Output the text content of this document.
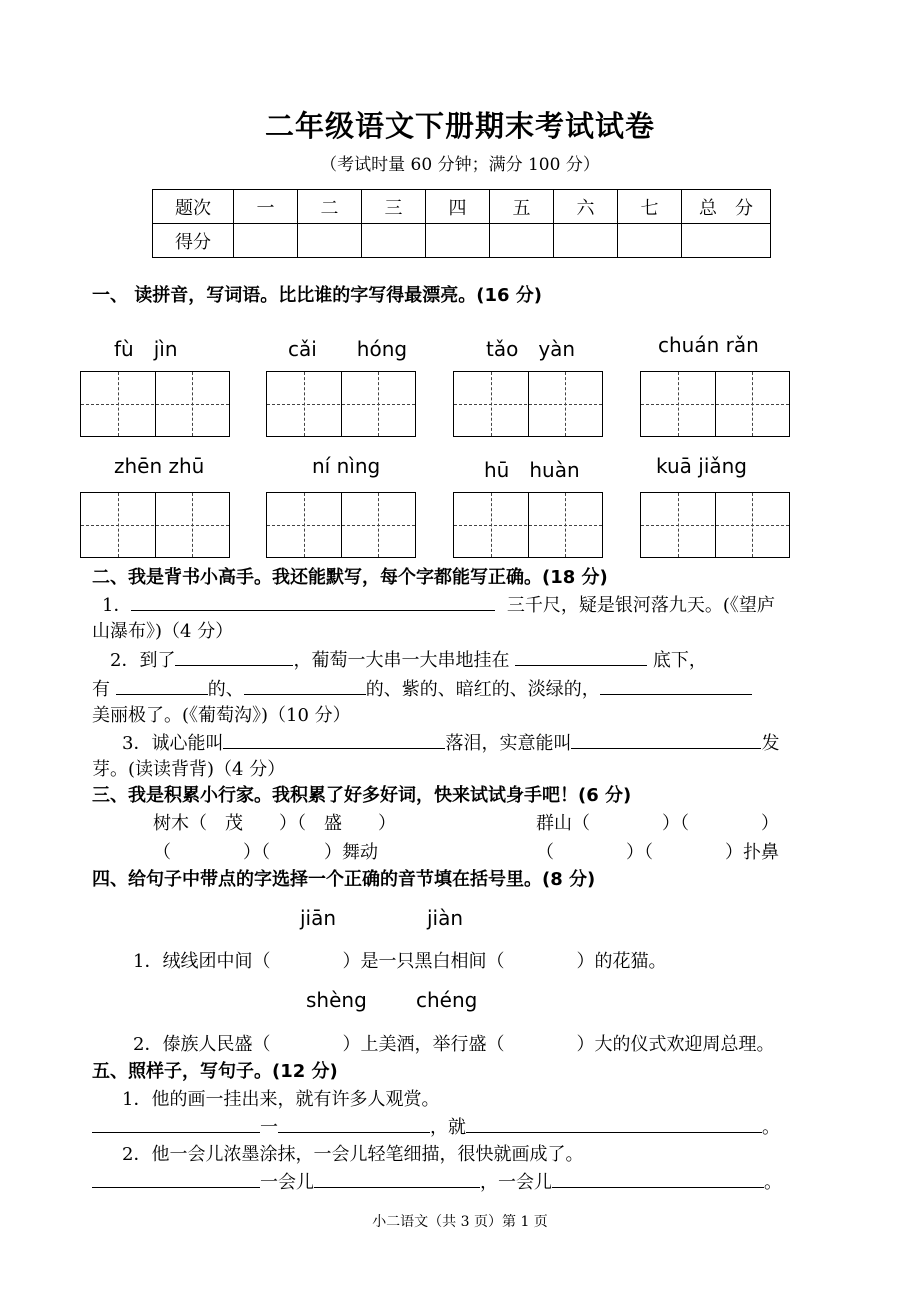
二年级语文下册期末考试试卷
（考试时量 60 分钟；满分 100 分）
题次	一	二	三	四	五	六	七	总　分
得分								
一、 读拼音，写词语。比比谁的字写得最漂亮。(16 分)
fù　jìn	cǎi　　hóng	tǎo　yàn	chuán rǎn
zhēn zhū	ní nìng	hū　huàn	kuā jiǎng
二、我是背书小高手。我还能默写，每个字都能写正确。(18 分)
1．	三千尺，疑是银河落九天。(《望庐
山瀑布》)（4 分）
2．到了	，葡萄一大串一大串地挂在	底下，
有	的、	的、紫的、暗红的、淡绿的，
美丽极了。(《葡萄沟》)（10 分）
3．诚心能叫	落泪，实意能叫	发
芽。(读读背背)（4 分）
三、我是积累小行家。我积累了好多好词，快来试试身手吧！(6 分)
树木（　茂　　）（　盛　　）	群山（　　　　）（　　　　）
（　　　　）（　　　）舞动	（　　　　）（　　　　）扑鼻
四、给句子中带点的字选择一个正确的音节填在括号里。(8 分)
jiān	jiàn
1．绒线团中间（　　　　）是一只黑白相间（　　　　）的花猫。
shèng chéng
2．傣族人民盛（　　　　）上美酒，举行盛（　　　　）大的仪式欢迎周总理。
五、照样子，写句子。(12 分)
1．他的画一挂出来，就有许多人观赏。
一	，就	。
2．他一会儿浓墨涂抹，一会儿轻笔细描，很快就画成了。
一会儿	，一会儿	。
小二语文（共 3 页）第 1 页
